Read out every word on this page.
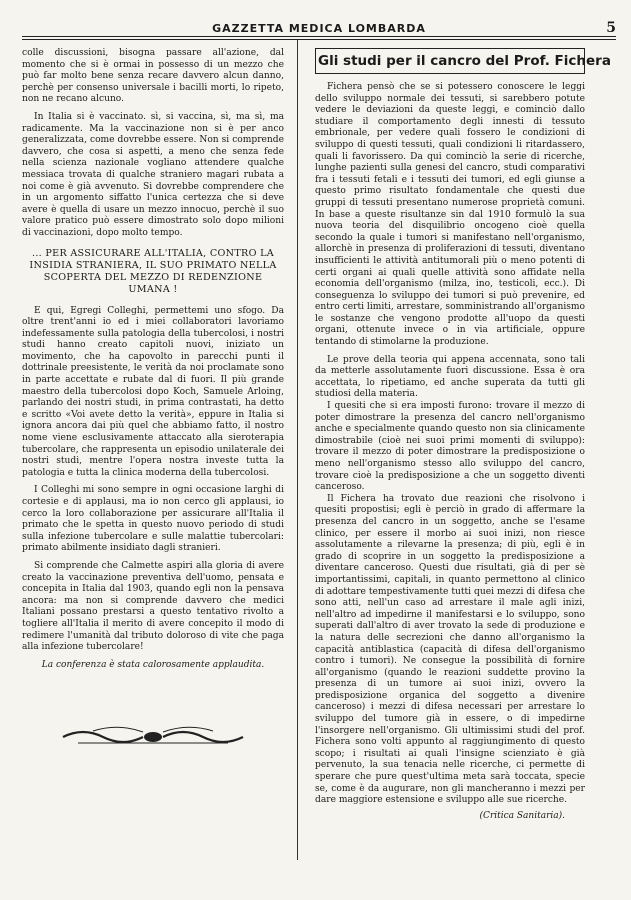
GAZZETTA MEDICA LOMBARDA	5

colle discussioni, bisogna passare all'azione, dal momento che si è ormai in possesso di un mezzo che può far molto bene senza recare davvero alcun danno, perchè per consenso universale i bacilli morti, lo ripeto, non ne recano alcuno.

In Italia si è vaccinato. sì, si vaccina, sì, ma sì, ma radicamente. Ma la vaccinazione non si è per anco generalizzata, come dovrebbe essere. Non si comprende davvero, che cosa si aspetti, a meno che senza fede nella scienza nazionale vogliano attendere qualche messiaca trovata di qualche straniero magari rubata a noi come è già avvenuto. Si dovrebbe comprendere che in un argomento siffatto l'unica certezza che si deve avere è quella di usare un mezzo innocuo, perchè il suo valore pratico può essere dimostrato solo dopo milioni di vaccinazioni, dopo molto tempo.

... PER ASSICURARE ALL'ITALIA, CONTRO LA INSIDIA STRANIERA, IL SUO PRIMATO NELLA SCOPERTA DEL MEZZO DI REDENZIONE UMANA !

E qui, Egregi Colleghi, permettemi uno sfogo. Da oltre trent'anni io ed i miei collaboratori lavoriamo indefessamente sulla patologia della tubercolosi, i nostri studi hanno creato capitoli nuovi, iniziato un movimento, che ha capovolto in parecchi punti il dottrinale preesistente, le verità da noi proclamate sono in parte accettate e rubate dal di fuori. Il più grande maestro della tubercolosi dopo Koch, Samuele Arloing, parlando dei nostri studi, in prima contrastati, ha detto e scritto «Voi avete detto la verità», eppure in Italia si ignora ancora dai più quel che abbiamo fatto, il nostro nome viene esclusivamente attaccato alla sieroterapia tubercolare, che rappresenta un episodio unilaterale dei nostri studi, mentre l'opera nostra investe tutta la patologia e tutta la clinica moderna della tubercolosi.

I Colleghi mi sono sempre in ogni occasione larghi di cortesie e di applausi, ma io non cerco gli applausi, io cerco la loro collaborazione per assicurare all'Italia il primato che le spetta in questo nuovo periodo di studi sulla infezione tubercolare e sulle malattie tubercolari: primato abilmente insidiato dagli stranieri.

Si comprende che Calmette aspiri alla gloria di avere creato la vaccinazione preventiva dell'uomo, pensata e concepita in Italia dal 1903, quando egli non la pensava ancora: ma non si comprende davvero che medici Italiani possano prestarsi a questo tentativo rivolto a togliere all'Italia il merito di avere concepito il modo di redimere l'umanità dal tributo doloroso di vite che paga alla infezione tubercolare!

La conferenza è stata calorosamente applaudita.

Gli studi per il cancro del Prof. Fichera

Fichera pensò che se si potessero conoscere le leggi dello sviluppo normale dei tessuti, si sarebbero potute vedere le deviazioni da queste leggi, e cominciò dallo studiare il comportamento degli innesti di tessuto embrionale, per vedere quali fossero le condizioni di sviluppo di questi tessuti, quali condizioni li ritardassero, quali li favorissero. Da qui cominciò la serie di ricerche, lunghe pazienti sulla genesi del cancro, studi comparativi fra i tessuti fetali e i tessuti dei tumori, ed egli giunse a questo primo risultato fondamentale che questi due gruppi di tessuti presentano numerose proprietà comuni. In base a queste risultanze sin dal 1910 formulò la sua nuova teoria del disquilibrio oncogeno cioè quella secondo la quale i tumori si manifestano nell'organismo, allorchè in presenza di proliferazioni di tessuti, diventano insufficienti le attività antitumorali più o meno potenti di certi organi ai quali quelle attività sono affidate nella economia dell'organismo (milza, ino, testicoli, ecc.). Di conseguenza lo sviluppo dei tumori si può prevenire, ed entro certi limiti, arrestare, somministrando all'organismo le sostanze che vengono prodotte all'uopo da questi organi, ottenute invece o in via artificiale, oppure tentando di stimolarne la produzione.

Le prove della teoria qui appena accennata, sono tali da metterle assolutamente fuori discussione. Essa è ora accettata, lo ripetiamo, ed anche superata da tutti gli studiosi della materia.

I quesiti che si era imposti furono: trovare il mezzo di poter dimostrare la presenza del cancro nell'organismo anche e specialmente quando questo non sia clinicamente dimostrabile (cioè nei suoi primi momenti di sviluppo): trovare il mezzo di poter dimostrare la predisposizione o meno nell'organismo stesso allo sviluppo del cancro, trovare cioè la predisposizione a che un soggetto diventi canceroso.

Il Fichera ha trovato due reazioni che risolvono i quesiti propostisi; egli è perciò in grado di affermare la presenza del cancro in un soggetto, anche se l'esame clinico, per essere il morbo ai suoi inizi, non riesce assolutamente a rilevarne la presenza; di più, egli è in grado di scoprire in un soggetto la predisposizione a diventare canceroso. Questi due risultati, già di per sè importantissimi, capitali, in quanto permettono al clinico di adottare tempestivamente tutti quei mezzi di difesa che sono atti, nell'un caso ad arrestare il male agli inizi, nell'altro ad impedirne il manifestarsi e lo sviluppo, sono superati dall'altro di aver trovato la sede di produzione e la natura delle secrezioni che danno all'organismo la capacità antiblastica (capacità di difesa dell'organismo contro i tumori). Ne consegue la possibilità di fornire all'organismo (quando le reazioni suddette provino la presenza di un tumore ai suoi inizi, ovvero la predisposizione organica del soggetto a divenire canceroso) i mezzi di difesa necessari per arrestare lo sviluppo del tumore già in essere, o di impedirne l'insorgere nell'organismo. Gli ultimissimi studi del prof. Fichera sono volti appunto al raggiungimento di questo scopo; i risultati ai quali l'insigne scienziato è già pervenuto, la sua tenacia nelle ricerche, ci permette di sperare che pure quest'ultima meta sarà toccata, specie se, come è da augurare, non gli mancheranno i mezzi per dare maggiore estensione e sviluppo alle sue ricerche.

(Critica Sanitaria).
